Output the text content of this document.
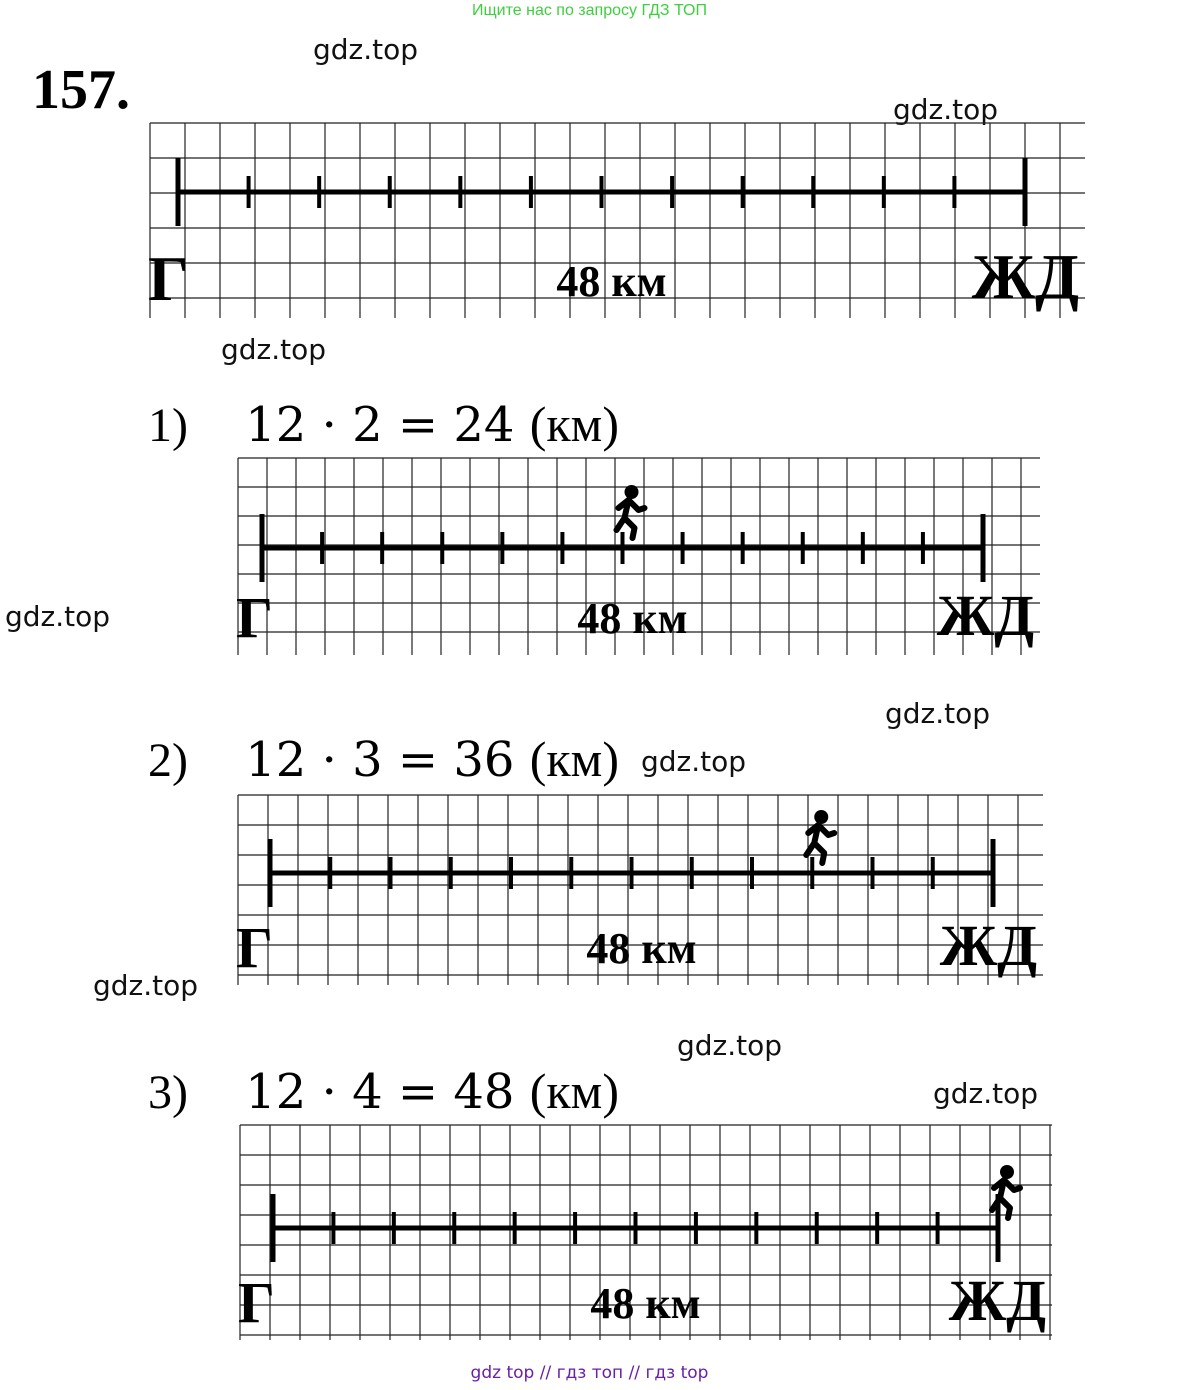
Ищите нас по запросу ГДЗ ТОП
157.
gdz.top
gdz.top
gdz.top
gdz.top
gdz.top
gdz.top
gdz.top
gdz.top
gdz.top
1) 12 · 2 = 24 (км)
2) 12 · 3 = 36 (км)
3) 12 · 4 = 48 (км)
Г	ЖД
48 км
Г	ЖД
48 км
Г	ЖД
48 км
Г	ЖД
48 км
gdz top // гдз топ // гдз top
